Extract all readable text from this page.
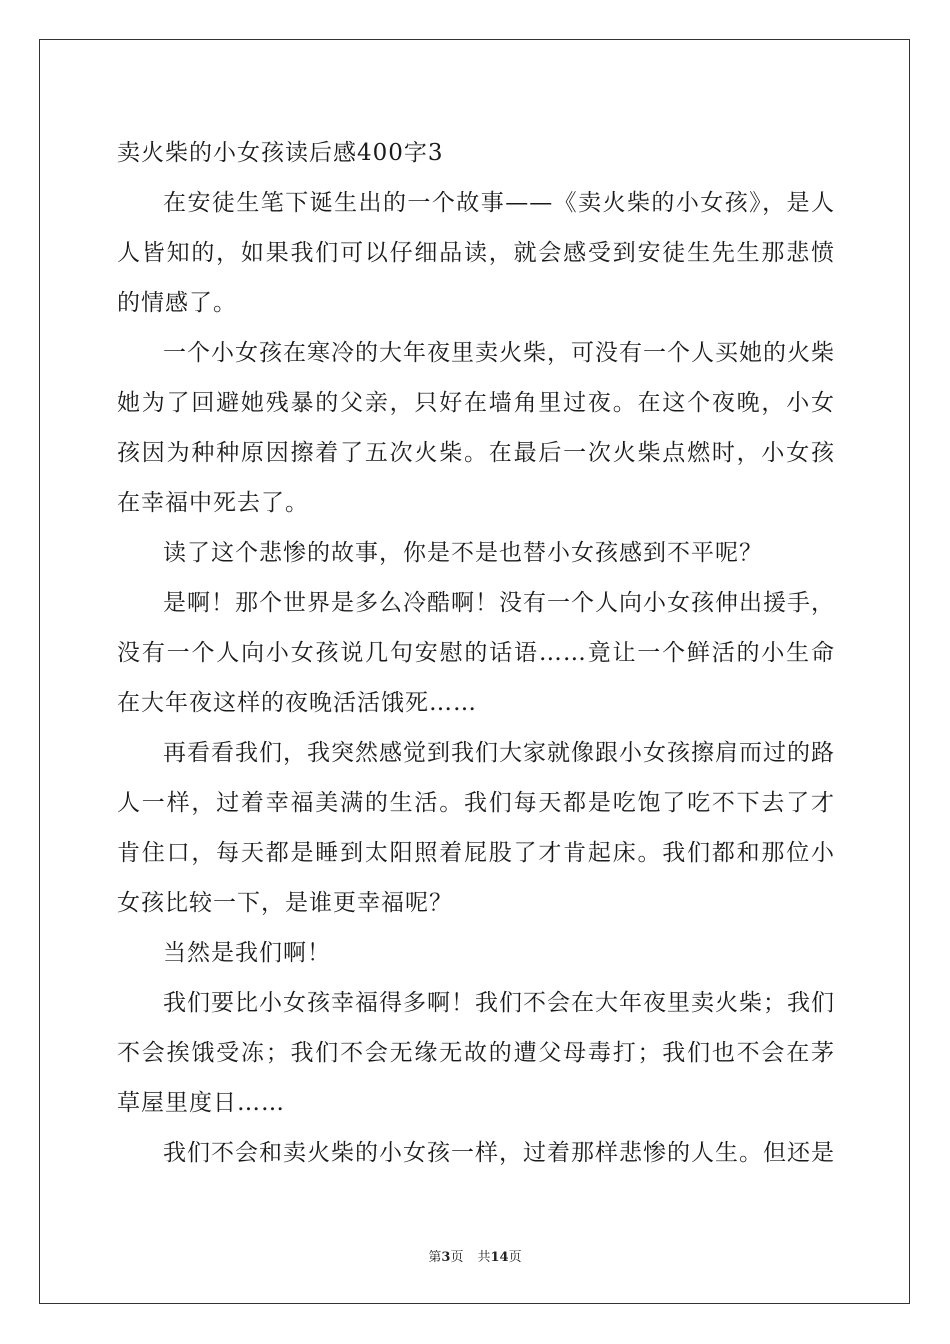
卖火柴的小女孩读后感400字3

在安徒生笔下诞生出的一个故事——《卖火柴的小女孩》，是人人皆知的，如果我们可以仔细品读，就会感受到安徒生先生那悲愤的情感了。

一个小女孩在寒冷的大年夜里卖火柴，可没有一个人买她的火柴她为了回避她残暴的父亲，只好在墙角里过夜。在这个夜晚，小女孩因为种种原因擦着了五次火柴。在最后一次火柴点燃时，小女孩在幸福中死去了。

读了这个悲惨的故事，你是不是也替小女孩感到不平呢？

是啊！那个世界是多么冷酷啊！没有一个人向小女孩伸出援手，没有一个人向小女孩说几句安慰的话语……竟让一个鲜活的小生命在大年夜这样的夜晚活活饿死……

再看看我们，我突然感觉到我们大家就像跟小女孩擦肩而过的路人一样，过着幸福美满的生活。我们每天都是吃饱了吃不下去了才肯住口，每天都是睡到太阳照着屁股了才肯起床。我们都和那位小女孩比较一下，是谁更幸福呢？

当然是我们啊！

我们要比小女孩幸福得多啊！我们不会在大年夜里卖火柴；我们不会挨饿受冻；我们不会无缘无故的遭父母毒打；我们也不会在茅草屋里度日……

我们不会和卖火柴的小女孩一样，过着那样悲惨的人生。但还是

第3页 共14页
